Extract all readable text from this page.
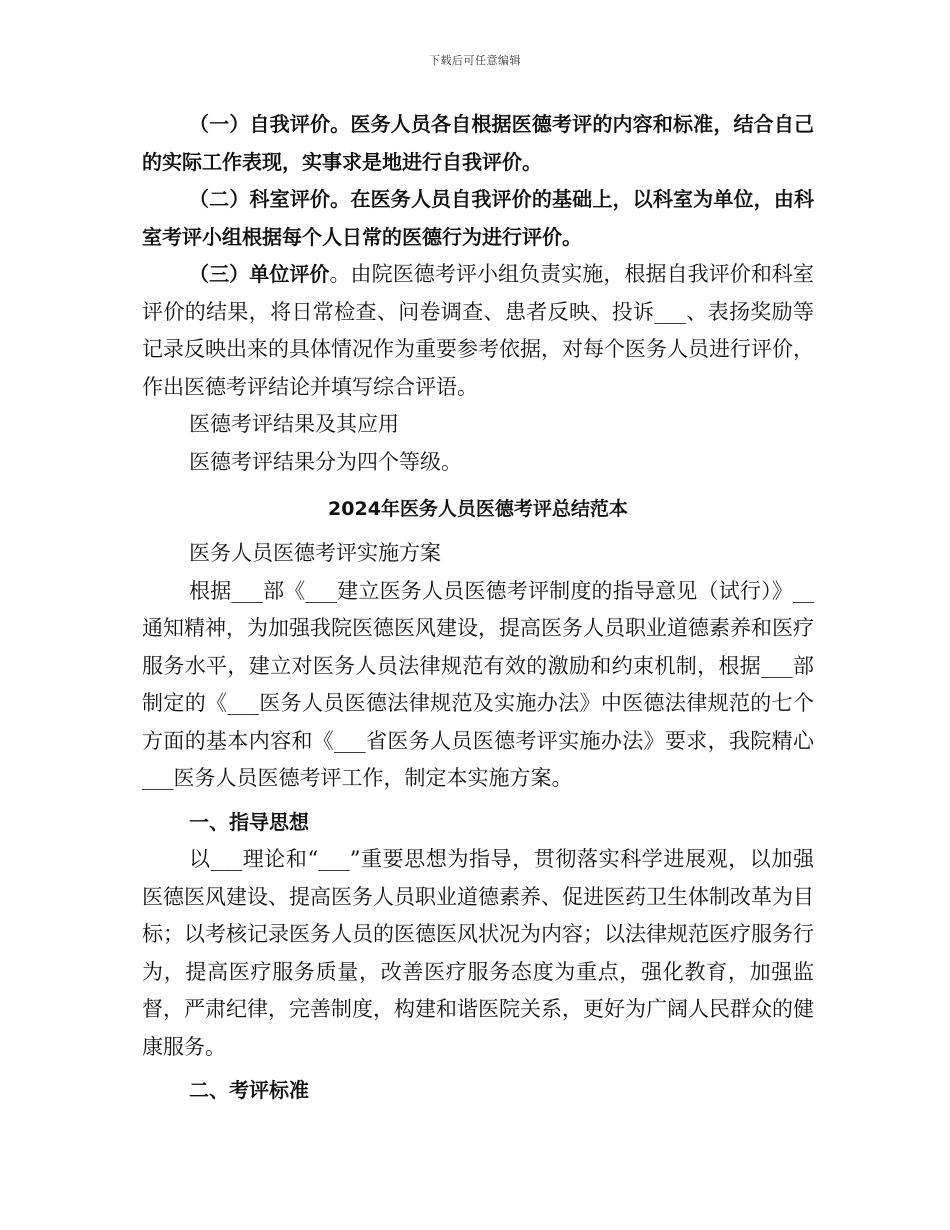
下载后可任意编辑

（一）自我评价。医务人员各自根据医德考评的内容和标准，结合自己的实际工作表现，实事求是地进行自我评价。

（二）科室评价。在医务人员自我评价的基础上，以科室为单位，由科室考评小组根据每个人日常的医德行为进行评价。

（三）单位评价。由院医德考评小组负责实施，根据自我评价和科室评价的结果，将日常检查、问卷调查、患者反映、投诉___、表扬奖励等记录反映出来的具体情况作为重要参考依据，对每个医务人员进行评价，作出医德考评结论并填写综合评语。

医德考评结果及其应用

医德考评结果分为四个等级。

2024年医务人员医德考评总结范本

医务人员医德考评实施方案

根据___部《___建立医务人员医德考评制度的指导意见（试行）》__通知精神，为加强我院医德医风建设，提高医务人员职业道德素养和医疗服务水平，建立对医务人员法律规范有效的激励和约束机制，根据___部制定的《___医务人员医德法律规范及实施办法》中医德法律规范的七个方面的基本内容和《___省医务人员医德考评实施办法》要求，我院精心___医务人员医德考评工作，制定本实施方案。

一、指导思想

以___理论和“___”重要思想为指导，贯彻落实科学进展观，以加强医德医风建设、提高医务人员职业道德素养、促进医药卫生体制改革为目标；以考核记录医务人员的医德医风状况为内容；以法律规范医疗服务行为，提高医疗服务质量，改善医疗服务态度为重点，强化教育，加强监督，严肃纪律，完善制度，构建和谐医院关系，更好为广阔人民群众的健康服务。

二、考评标准
